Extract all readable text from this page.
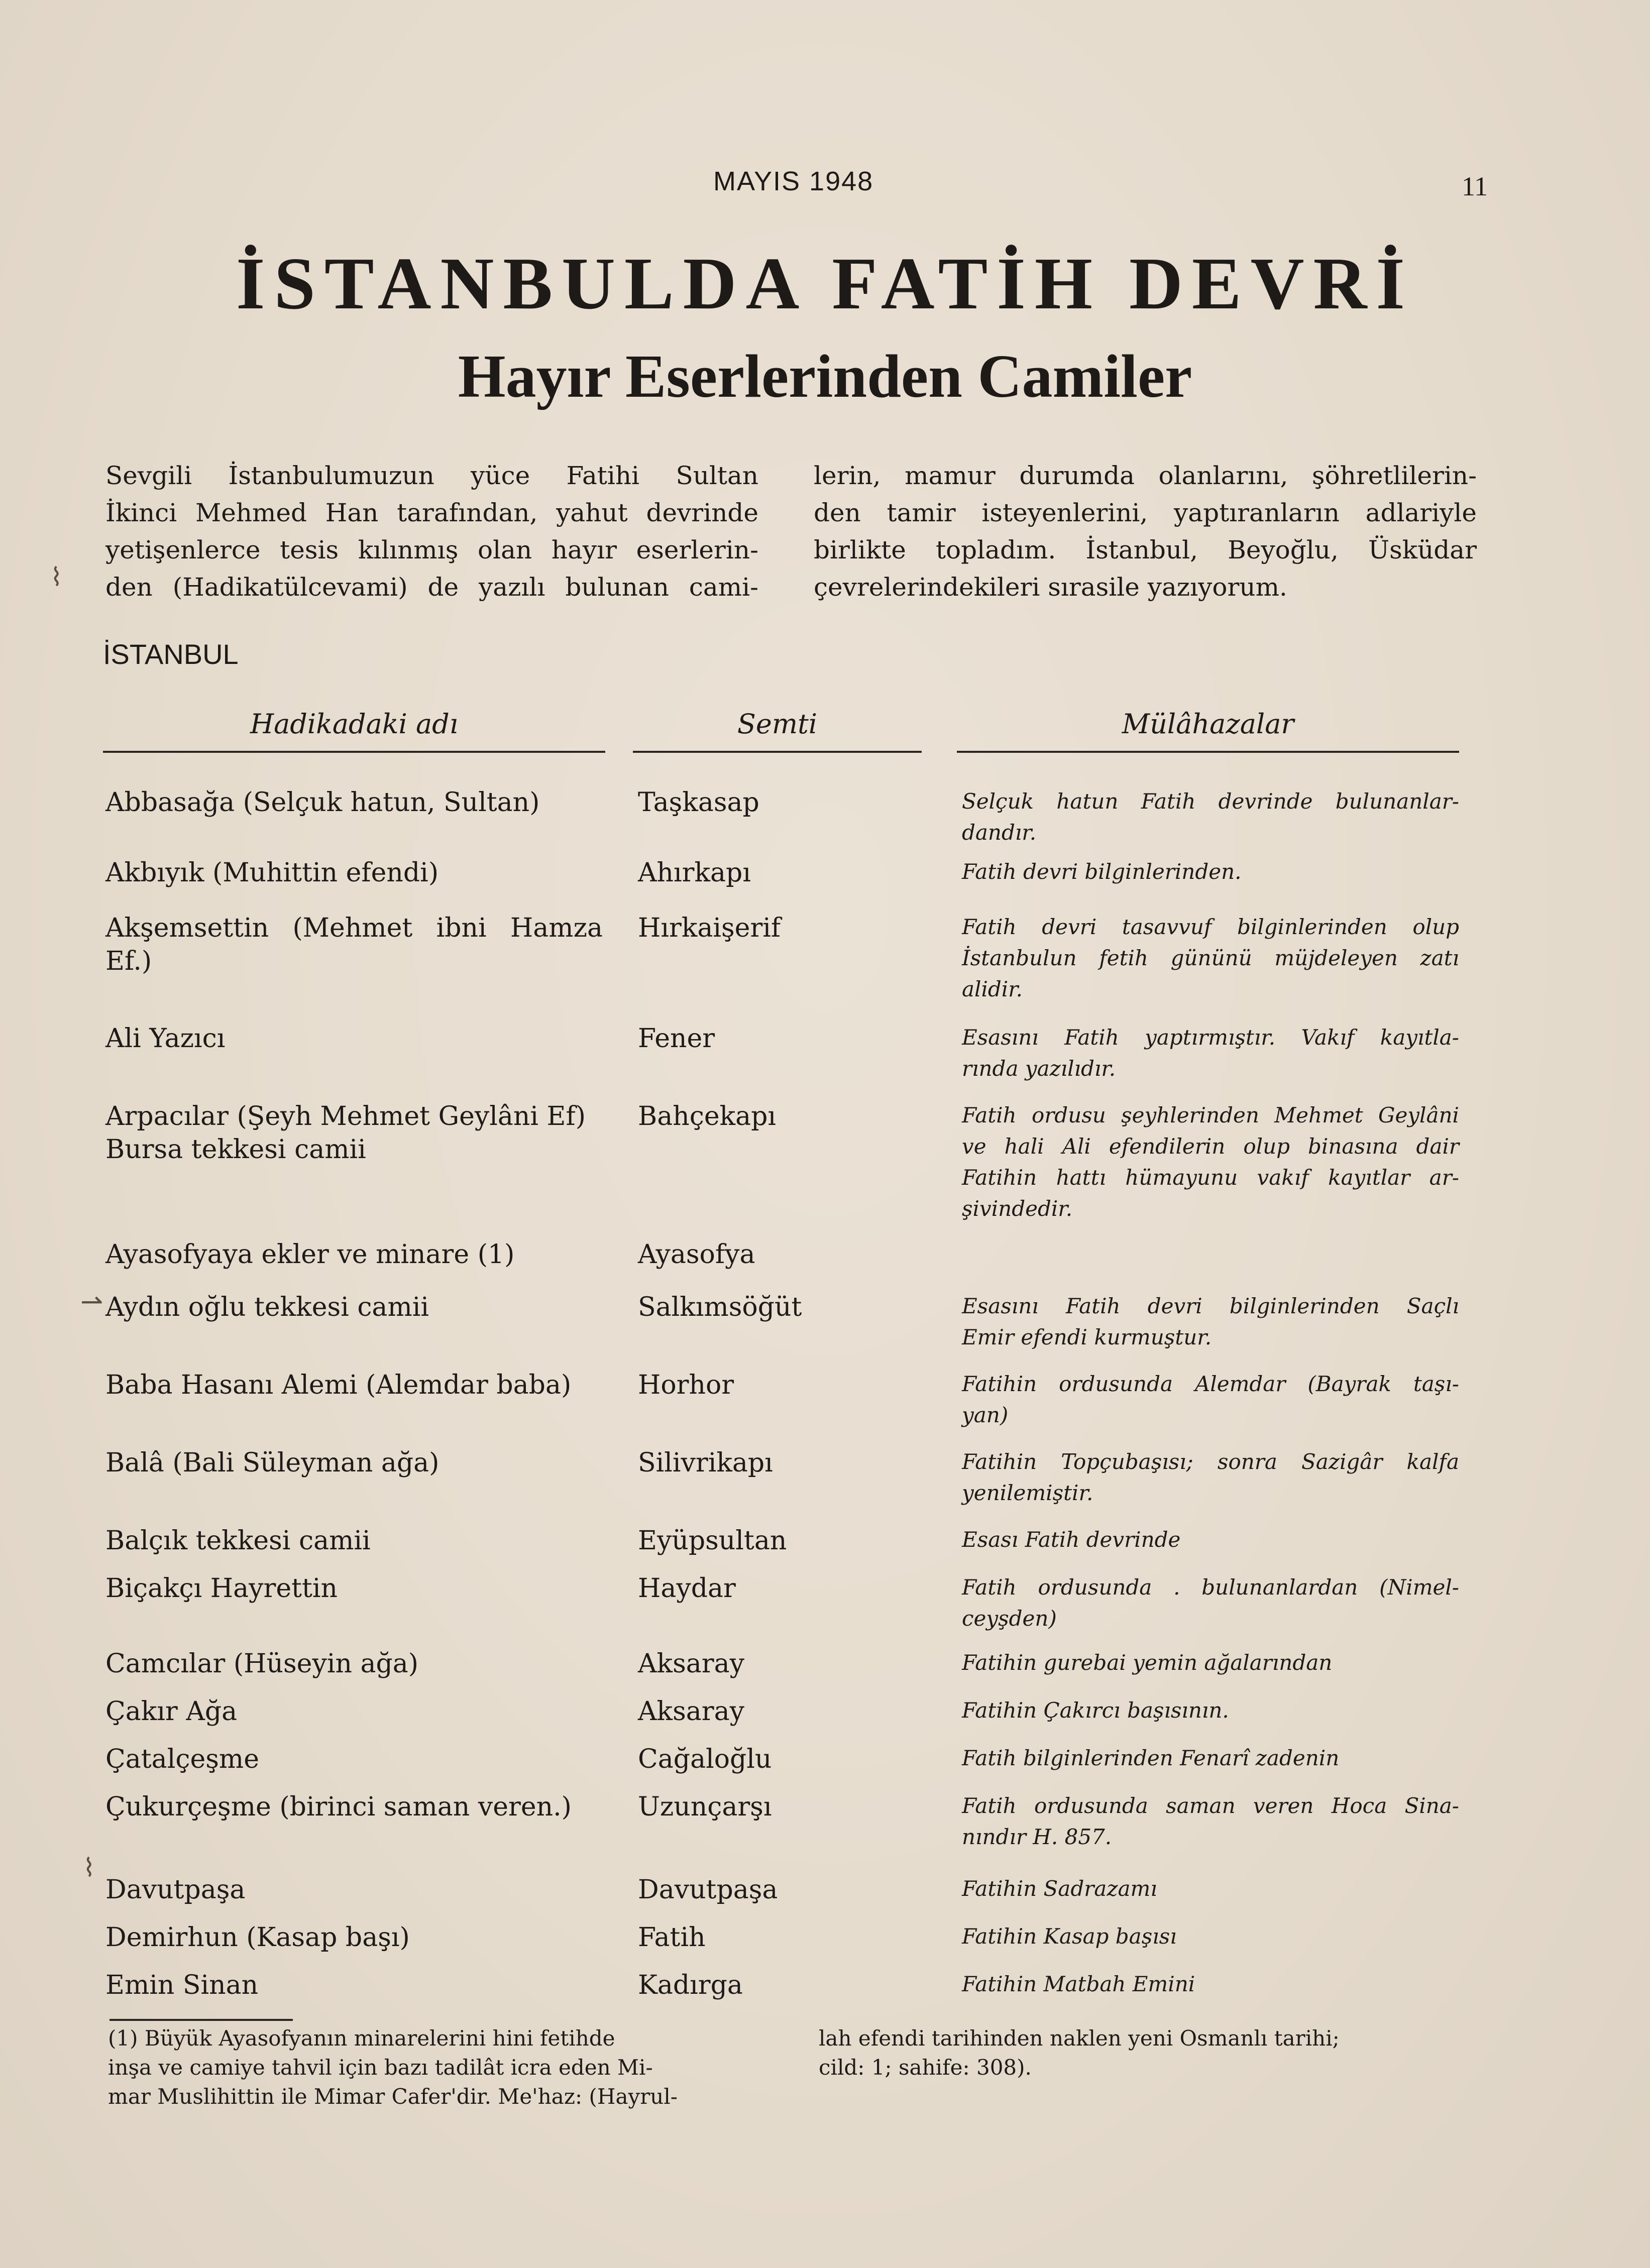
MAYIS 1948	11
İSTANBULDA FATİH DEVRİ
Hayır Eserlerinden Camiler
Sevgili İstanbulumuzun yüce Fatihi Sultan
İkinci Mehmed Han tarafından, yahut devrinde
yetişenlerce tesis kılınmış olan hayır eserlerin-
den (Hadikatülcevami) de yazılı bulunan cami-
lerin, mamur durumda olanlarını, şöhretlilerin-
den tamir isteyenlerini, yaptıranların adlariyle
birlikte topladım. İstanbul, Beyoğlu, Üsküdar
çevrelerindekileri sırasile yazıyorum.
İSTANBUL
Hadikadaki adı	Semti	Mülâhazalar
Abbasağa (Selçuk hatun, Sultan)	Taşkasap	Selçuk hatun Fatih devrinde bulunanlar-
dandır.
Akbıyık (Muhittin efendi)	Ahırkapı	Fatih devri bilginlerinden.
Akşemsettin (Mehmet ibni Hamza
Ef.)
Hırkaişerif	Fatih devri tasavvuf bilginlerinden olup
İstanbulun fetih gününü müjdeleyen zatı
alidir.
Ali Yazıcı	Fener	Esasını Fatih yaptırmıştır. Vakıf kayıtla-
rında yazılıdır.
Arpacılar (Şeyh Mehmet Geylâni Ef)
Bursa tekkesi camii
Bahçekapı	Fatih ordusu şeyhlerinden Mehmet Geylâni
ve hali Ali efendilerin olup binasına dair
Fatihin hattı hümayunu vakıf kayıtlar ar-
şivindedir.
Ayasofyaya ekler ve minare (1)	Ayasofya
Aydın oğlu tekkesi camii	Salkımsöğüt	Esasını Fatih devri bilginlerinden Saçlı
Emir efendi kurmuştur.
Baba Hasanı Alemi (Alemdar baba)	Horhor	Fatihin ordusunda Alemdar (Bayrak taşı-
yan)
Balâ (Bali Süleyman ağa)	Silivrikapı	Fatihin Topçubaşısı; sonra Sazigâr kalfa
yenilemiştir.
Balçık tekkesi camii	Eyüpsultan	Esası Fatih devrinde
Biçakçı Hayrettin	Haydar	Fatih ordusunda . bulunanlardan (Nimel-
ceyşden)
Camcılar (Hüseyin ağa)	Aksaray	Fatihin gurebai yemin ağalarından
Çakır Ağa	Aksaray	Fatihin Çakırcı başısının.
Çatalçeşme	Cağaloğlu	Fatih bilginlerinden Fenarî zadenin
Çukurçeşme (birinci saman veren.)	Uzunçarşı	Fatih ordusunda saman veren Hoca Sina-
nındır H. 857.
Davutpaşa	Davutpaşa	Fatihin Sadrazamı
Demirhun (Kasap başı)	Fatih	Fatihin Kasap başısı
Emin Sinan	Kadırga	Fatihin Matbah Emini
(1) Büyük Ayasofyanın minarelerini hini fetihde
inşa ve camiye tahvil için bazı tadilât icra eden Mi-
mar Muslihittin ile Mimar Cafer'dir. Me'haz: (Hayrul-
lah efendi tarihinden naklen yeni Osmanlı tarihi;
cild: 1; sahife: 308).
⌇
⇀
⌇
